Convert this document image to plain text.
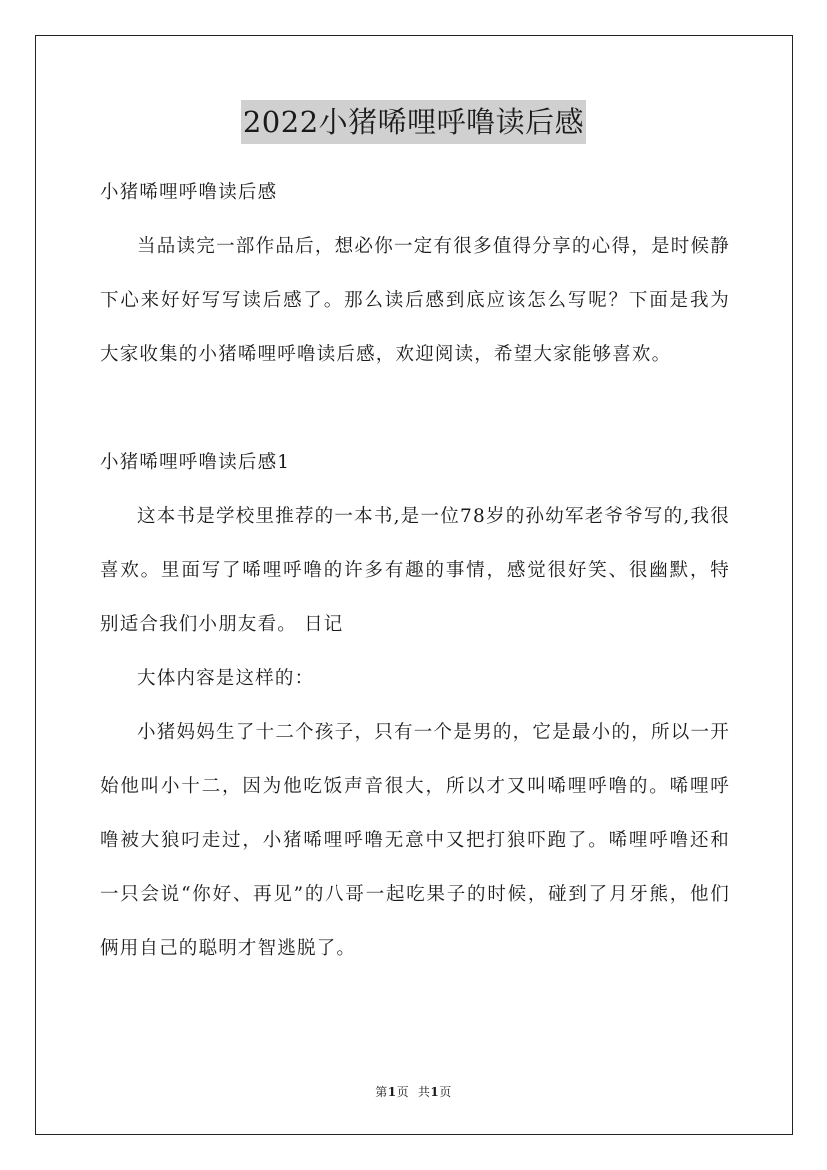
2022小猪唏哩呼噜读后感

小猪唏哩呼噜读后感

当品读完一部作品后，想必你一定有很多值得分享的心得，是时候静下心来好好写写读后感了。那么读后感到底应该怎么写呢？下面是我为大家收集的小猪唏哩呼噜读后感，欢迎阅读，希望大家能够喜欢。

小猪唏哩呼噜读后感1

这本书是学校里推荐的一本书,是一位78岁的孙幼军老爷爷写的,我很喜欢。里面写了唏哩呼噜的许多有趣的事情，感觉很好笑、很幽默，特别适合我们小朋友看。 日记

大体内容是这样的：

小猪妈妈生了十二个孩子，只有一个是男的，它是最小的，所以一开始他叫小十二，因为他吃饭声音很大，所以才又叫唏哩呼噜的。唏哩呼噜被大狼叼走过，小猪唏哩呼噜无意中又把打狼吓跑了。唏哩呼噜还和一只会说“你好、再见”的八哥一起吃果子的时候，碰到了月牙熊，他们俩用自己的聪明才智逃脱了。

第1页 共1页
